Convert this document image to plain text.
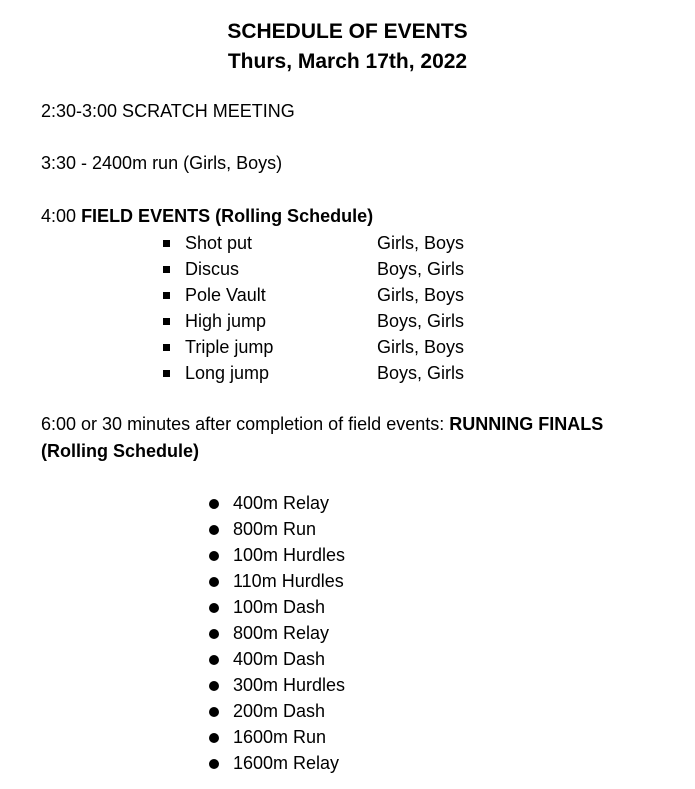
SCHEDULE OF EVENTS
Thurs, March 17th, 2022
2:30-3:00 SCRATCH MEETING
3:30 - 2400m run (Girls, Boys)
4:00 FIELD EVENTS (Rolling Schedule)
Shot put	Girls, Boys
Discus	Boys, Girls
Pole Vault	Girls, Boys
High jump	Boys, Girls
Triple jump	Girls, Boys
Long jump	Boys, Girls
6:00 or 30 minutes after completion of field events: RUNNING FINALS
(Rolling Schedule)
400m Relay
800m Run
100m Hurdles
110m Hurdles
100m Dash
800m Relay
400m Dash
300m Hurdles
200m Dash
1600m Run
1600m Relay
